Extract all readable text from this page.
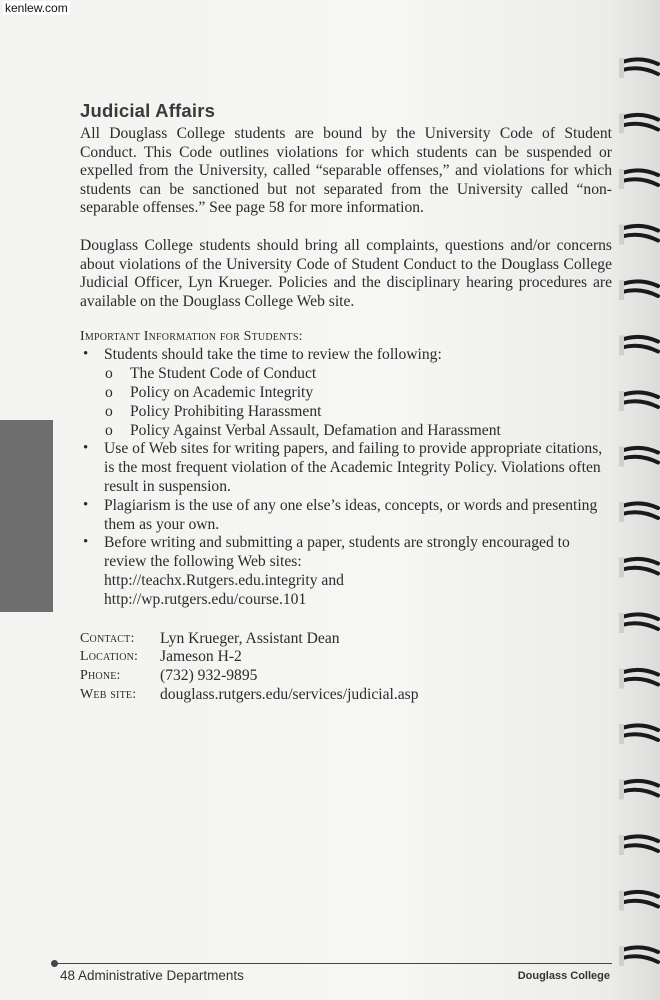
kenlew.com
Judicial Affairs

All Douglass College students are bound by the University Code of Student Conduct. This Code outlines violations for which students can be suspended or expelled from the University, called “separable offenses,” and violations for which students can be sanctioned but not separated from the University called “non-separable offenses.” See page 58 for more information.

Douglass College students should bring all complaints, questions and/or concerns about violations of the University Code of Student Conduct to the Douglass College Judicial Officer, Lyn Krueger. Policies and the disciplinary hearing procedures are available on the Douglass College Web site.

Important Information for Students:
• Students should take the time to review the following:
o The Student Code of Conduct
o Policy on Academic Integrity
o Policy Prohibiting Harassment
o Policy Against Verbal Assault, Defamation and Harassment
• Use of Web sites for writing papers, and failing to provide appropriate citations, is the most frequent violation of the Academic Integrity Policy. Violations often result in suspension.
• Plagiarism is the use of any one else’s ideas, concepts, or words and presenting them as your own.
• Before writing and submitting a paper, students are strongly encouraged to review the following Web sites:
http://teachx.Rutgers.edu.integrity and
http://wp.rutgers.edu/course.101
Contact:	Lyn Krueger, Assistant Dean
Location:	Jameson H-2
Phone:	(732) 932-9895
Web site:	douglass.rutgers.edu/services/judicial.asp
48 Administrative Departments	Douglass College
